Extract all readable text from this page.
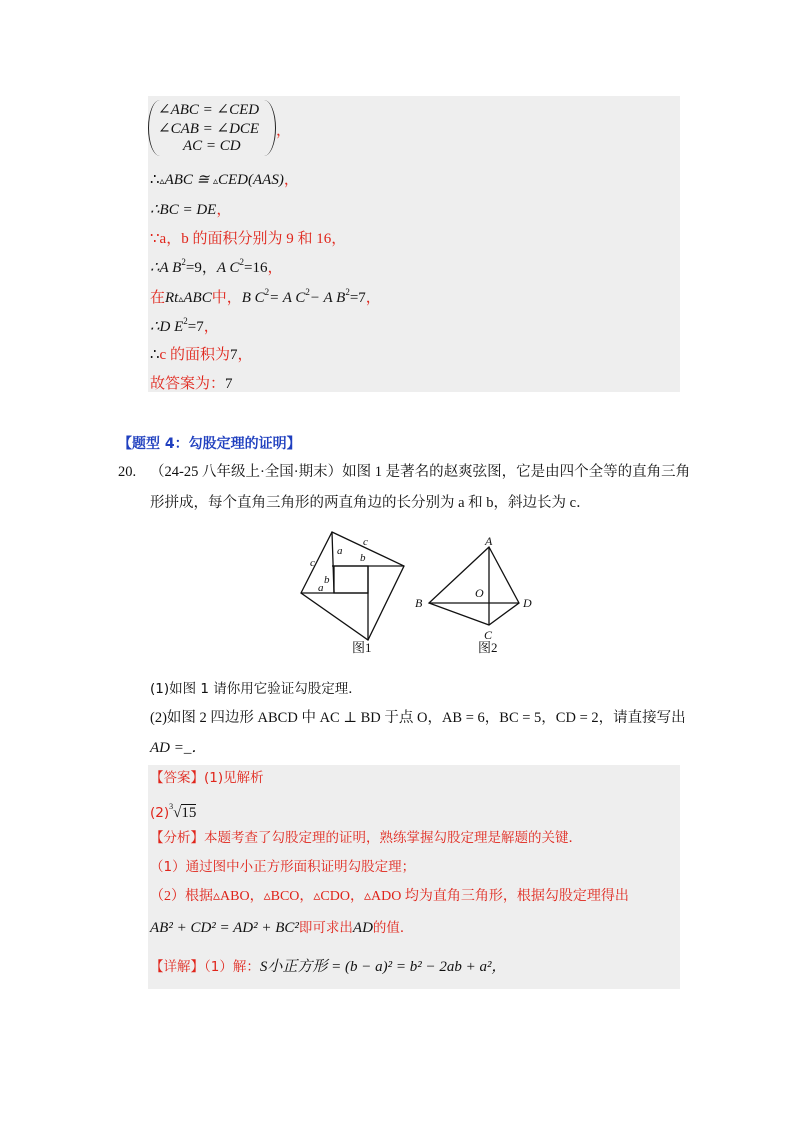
∠ABC = ∠CED
∠CAB = ∠DCE
AC = CD
，
∴▵ABC ≅ ▵CED(AAS)，
∴BC = DE，
∵a，b 的面积分别为 9 和 16，
∴A $B^2=9$，A $C^2=16$，
在Rt▵ABC中，B $C^2= A$ $C^2- A$ $B^2=7$，
∴D $E^2=7$，
∴c 的面积为7，
故答案为：7
【题型 4：勾股定理的证明】
20. （24-25 八年级上·全国·期末）如图 1 是著名的赵爽弦图，它是由四个全等的直角三角
形拼成，每个直角三角形的两直角边的长分别为 a 和 b，斜边长为 c．
c
a
b
c
b
a
图1
A
B
O
D
C
图2
(1)如图 1 请你用它验证勾股定理．
(2)如图 2 四边形 ABCD 中 AC ⊥ BD 于点 O，AB = 6，BC = 5，CD = 2，请直接写出
AD =_．
【答案】(1)见解析
$(2)^3√15$
【分析】本题考查了勾股定理的证明，熟练掌握勾股定理是解题的关键．
（1）通过图中小正方形面积证明勾股定理；
（2）根据▵ABO，▵BCO，▵CDO，▵ADO 均为直角三角形，根据勾股定理得出
AB² + CD² = AD² + BC²即可求出AD的值．
【详解】（1）解：S小正方形 = (b − a)² = b² − 2ab + a²，
